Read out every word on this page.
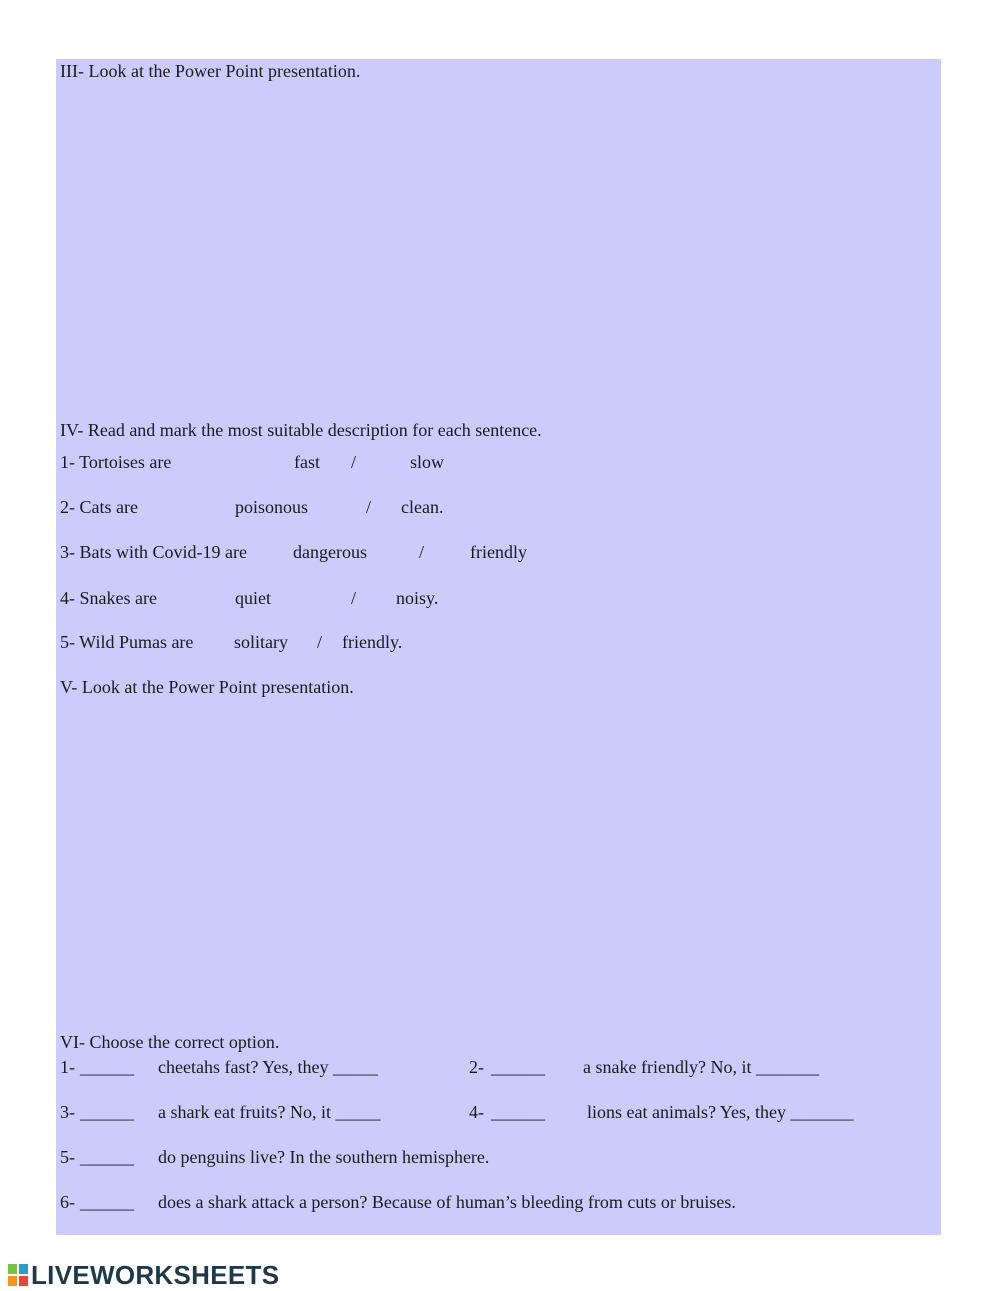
III- Look at the Power Point presentation.
IV- Read and mark the most suitable description for each sentence.
1- Tortoises are	fast /	slow
2- Cats are	poisonous	/ clean.
3- Bats with Covid-19 are	dangerous	/	friendly
4- Snakes are	quiet	/ noisy.
5- Wild Pumas are solitary / friendly.
V- Look at the Power Point presentation.
VI- Choose the correct option.
1- ______ cheetahs fast? Yes, they _____	2- ______ a snake friendly? No, it _______
3- ______ a shark eat fruits? No, it _____	4- ______ lions eat animals? Yes, they _______
5- ______ do penguins live? In the southern hemisphere.
6- ______ does a shark attack a person? Because of human’s bleeding from cuts or bruises.
LIVEWORKSHEETS
